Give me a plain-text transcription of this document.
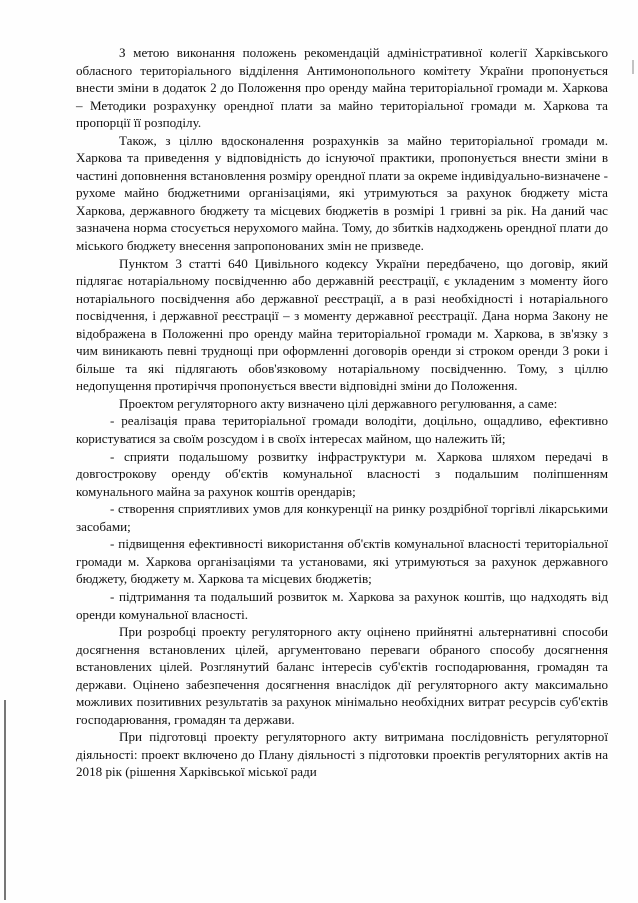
З метою виконання положень рекомендацій адміністративної колегії Харківського обласного територіального відділення Антимонопольного комітету України пропонується внести зміни в додаток 2 до Положення про оренду майна територіальної громади м. Харкова – Методики розрахунку орендної плати за майно територіальної громади м. Харкова та пропорції її розподілу.

Також, з ціллю вдосконалення розрахунків за майно територіальної громади м. Харкова та приведення у відповідність до існуючої практики, пропонується внести зміни в частині доповнення встановлення розміру орендної плати за окреме індивідуально-визначене - рухоме майно бюджетними організаціями, які утримуються за рахунок бюджету міста Харкова, державного бюджету та місцевих бюджетів в розмірі 1 гривні за рік. На даний час зазначена норма стосується нерухомого майна. Тому, до збитків надходжень орендної плати до міського бюджету внесення запропонованих змін не призведе.

Пунктом 3 статті 640 Цивільного кодексу України передбачено, що договір, який підлягає нотаріальному посвідченню або державній реєстрації, є укладеним з моменту його нотаріального посвідчення або державної реєстрації, а в разі необхідності і нотаріального посвідчення, і державної реєстрації – з моменту державної реєстрації. Дана норма Закону не відображена в Положенні про оренду майна територіальної громади м. Харкова, в зв'язку з чим виникають певні труднощі при оформленні договорів оренди зі строком оренди 3 роки і більше та які підлягають обов'язковому нотаріальному посвідченню. Тому, з ціллю недопущення протиріччя пропонується ввести відповідні зміни до Положення.

Проектом регуляторного акту визначено цілі державного регулювання, а саме:

- реалізація права територіальної громади володіти, доцільно, ощадливо, ефективно користуватися за своїм розсудом і в своїх інтересах майном, що належить їй;

- сприяти подальшому розвитку інфраструктури м. Харкова шляхом передачі в довгострокову оренду об'єктів комунальної власності з подальшим поліпшенням комунального майна за рахунок коштів орендарів;

- створення сприятливих умов для конкуренції на ринку роздрібної торгівлі лікарськими засобами;

- підвищення ефективності використання об'єктів комунальної власності територіальної громади м. Харкова організаціями та установами, які утримуються за рахунок державного бюджету, бюджету м. Харкова та місцевих бюджетів;

- підтримання та подальший розвиток м. Харкова за рахунок коштів, що надходять від оренди комунальної власності.

При розробці проекту регуляторного акту оцінено прийнятні альтернативні способи досягнення встановлених цілей, аргументовано переваги обраного способу досягнення встановлених цілей. Розглянутий баланс інтересів суб'єктів господарювання, громадян та держави. Оцінено забезпечення досягнення внаслідок дії регуляторного акту максимально можливих позитивних результатів за рахунок мінімально необхідних витрат ресурсів суб'єктів господарювання, громадян та держави.

При підготовці проекту регуляторного акту витримана послідовність регуляторної діяльності: проект включено до Плану діяльності з підготовки проектів регуляторних актів на 2018 рік (рішення Харківської міської ради
